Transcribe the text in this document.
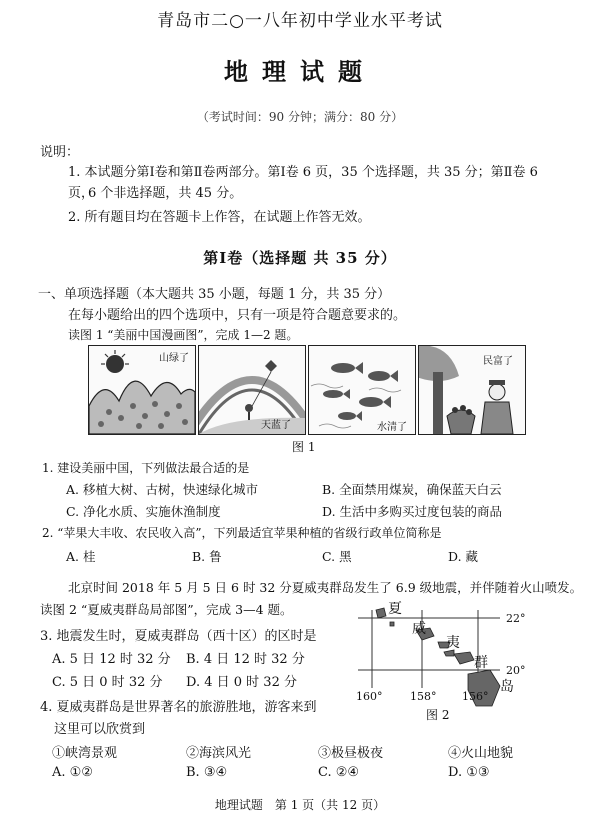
青岛市二○一八年初中学业水平考试
地理试题
（考试时间：90 分钟；满分：80 分）
说明：
1. 本试题分第Ⅰ卷和第Ⅱ卷两部分。第Ⅰ卷 6 页，35 个选择题，共 35 分；第Ⅱ卷 6 页，
6 个非选择题，共 45 分。
2. 所有题目均在答题卡上作答，在试题上作答无效。
第Ⅰ卷（选择题 共 35 分）
一、单项选择题（本大题共 35 小题，每题 1 分，共 35 分）
在每小题给出的四个选项中，只有一项是符合题意要求的。
读图 1 “美丽中国漫画图”，完成 1—2 题。
山绿了
天蓝了	水清了
民富了
图 1
1. 建设美丽中国，下列做法最合适的是
A. 移植大树、古树，快速绿化城市	B. 全面禁用煤炭，确保蓝天白云
C. 净化水质、实施休渔制度	D. 生活中多购买过度包装的商品
2. “苹果大丰收、农民收入高”，下列最适宜苹果种植的省级行政单位简称是
A. 桂	B. 鲁	C. 黑	D. 藏
北京时间 2018 年 5 月 5 日 6 时 32 分夏威夷群岛发生了 6.9 级地震，并伴随着火山喷发。
读图 2 “夏威夷群岛局部图”，完成 3—4 题。
3. 地震发生时，夏威夷群岛（西十区）的区时是
A. 5 日 12 时 32 分 B. 4 日 12 时 32 分
C. 5 日 0 时 32 分 D. 4 日 0 时 32 分
4. 夏威夷群岛是世界著名的旅游胜地，游客来到
这里可以欣赏到
①峡湾景观	②海滨风光	③极昼极夜	④火山地貌
A. ①②	B. ③④	C. ②④	D. ①③
夏
威
夷
群
岛
22°
20°
160°	158° 156°
图 2
地理试题　第 1 页（共 12 页）
